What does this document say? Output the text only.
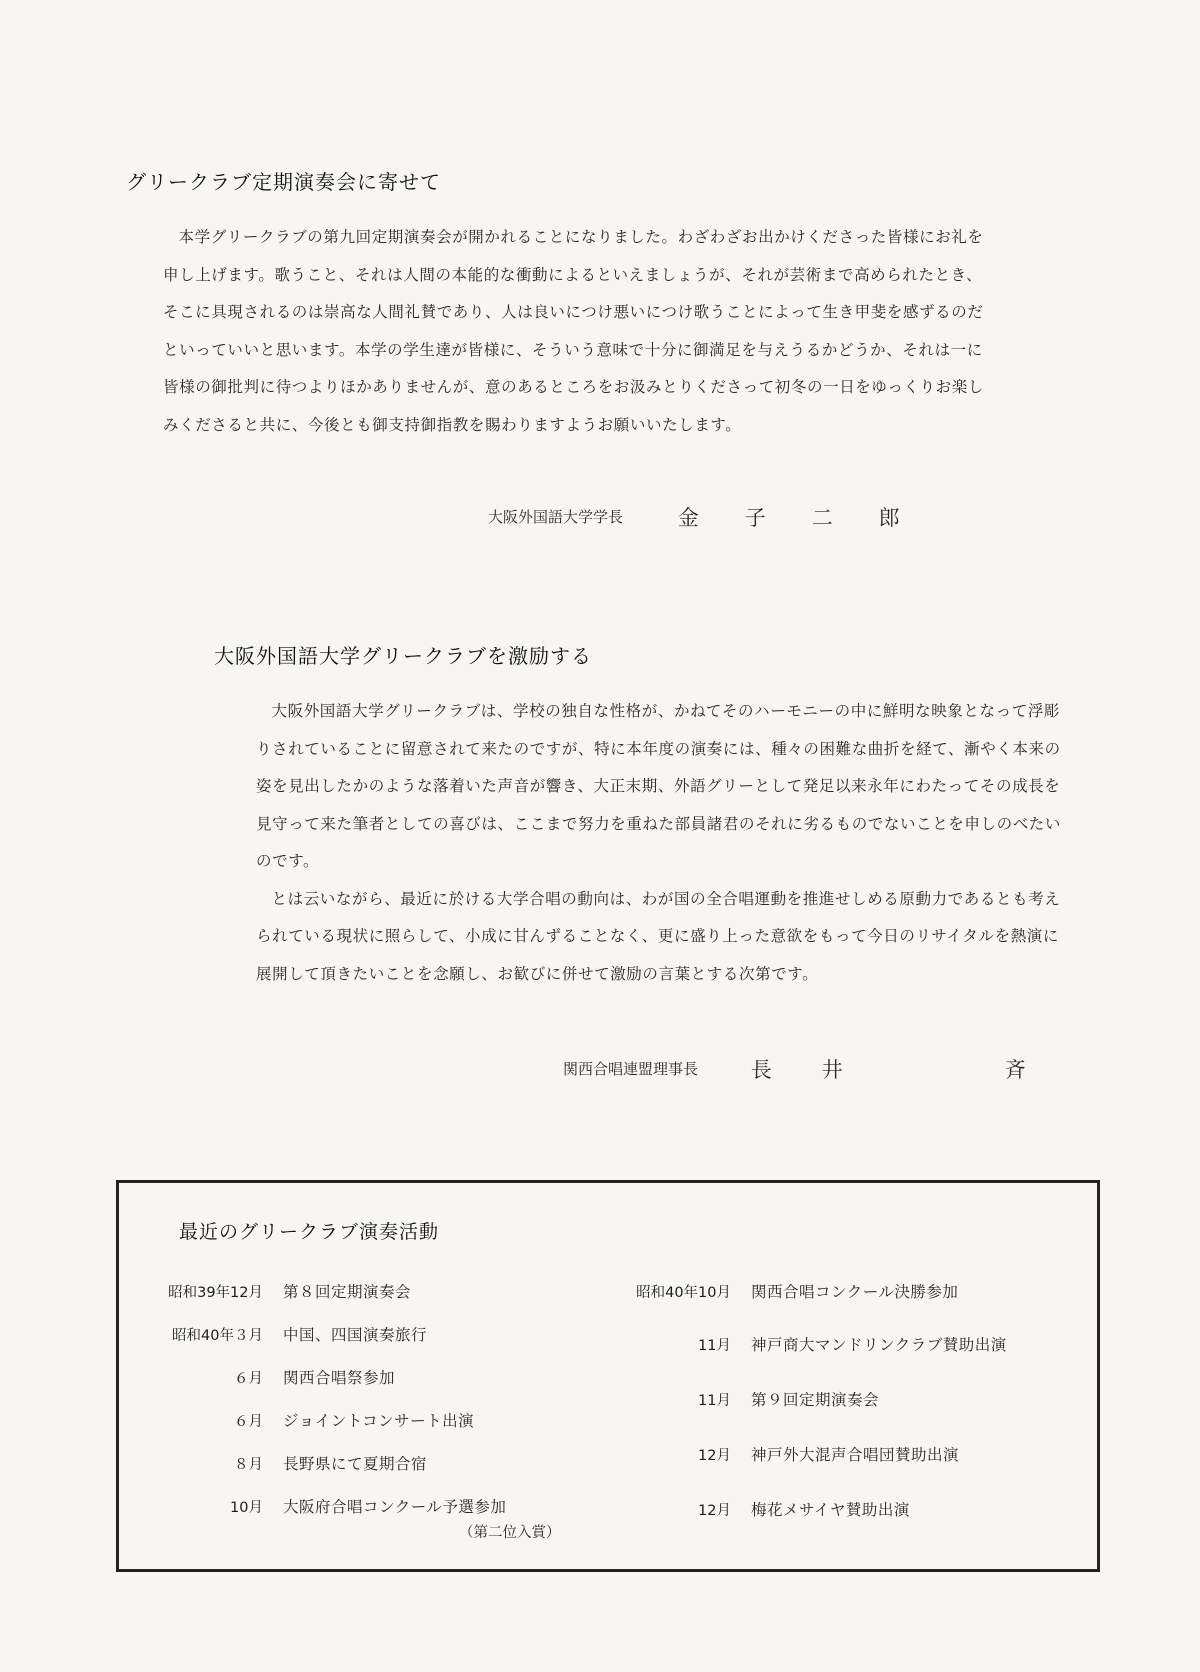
グリークラブ定期演奏会に寄せて

本学グリークラブの第九回定期演奏会が開かれることになりました。わざわざお出かけくださった皆様にお礼を申し上げます。歌うこと、それは人間の本能的な衝動によるといえましょうが、それが芸術まで高められたとき、そこに具現されるのは崇高な人間礼賛であり、人は良いにつけ悪いにつけ歌うことによって生き甲斐を感ずるのだといっていいと思います。本学の学生達が皆様に、そういう意味で十分に御満足を与えうるかどうか、それは一に皆様の御批判に待つよりほかありませんが、意のあるところをお汲みとりくださって初冬の一日をゆっくりお楽しみくださると共に、今後とも御支持御指教を賜わりますようお願いいたします。

大阪外国語大学学長	金 子 二 郎
大阪外国語大学グリークラブを激励する

大阪外国語大学グリークラブは、学校の独自な性格が、かねてそのハーモニーの中に鮮明な映象となって浮彫りされていることに留意されて来たのですが、特に本年度の演奏には、種々の困難な曲折を経て、漸やく本来の姿を見出したかのような落着いた声音が響き、大正末期、外語グリーとして発足以来永年にわたってその成長を見守って来た筆者としての喜びは、ここまで努力を重ねた部員諸君のそれに劣るものでないことを申しのべたいのです。

とは云いながら、最近に於ける大学合唱の動向は、わが国の全合唱運動を推進せしめる原動力であるとも考えられている現状に照らして、小成に甘んずることなく、更に盛り上った意欲をもって今日のリサイタルを熱演に展開して頂きたいことを念願し、お歓びに併せて激励の言葉とする次第です。

関西合唱連盟理事長	長 井	斉
最近のグリークラブ演奏活動
昭和39年12月 第８回定期演奏会
昭和40年３月 中国、四国演奏旅行
６月 関西合唱祭参加
６月 ジョイントコンサート出演
８月 長野県にて夏期合宿
10月 大阪府合唱コンクール予選参加
（第二位入賞）
昭和40年10月 関西合唱コンクール決勝参加
11月 神戸商大マンドリンクラブ賛助出演
11月 第９回定期演奏会
12月 神戸外大混声合唱団賛助出演
12月 梅花メサイヤ賛助出演
